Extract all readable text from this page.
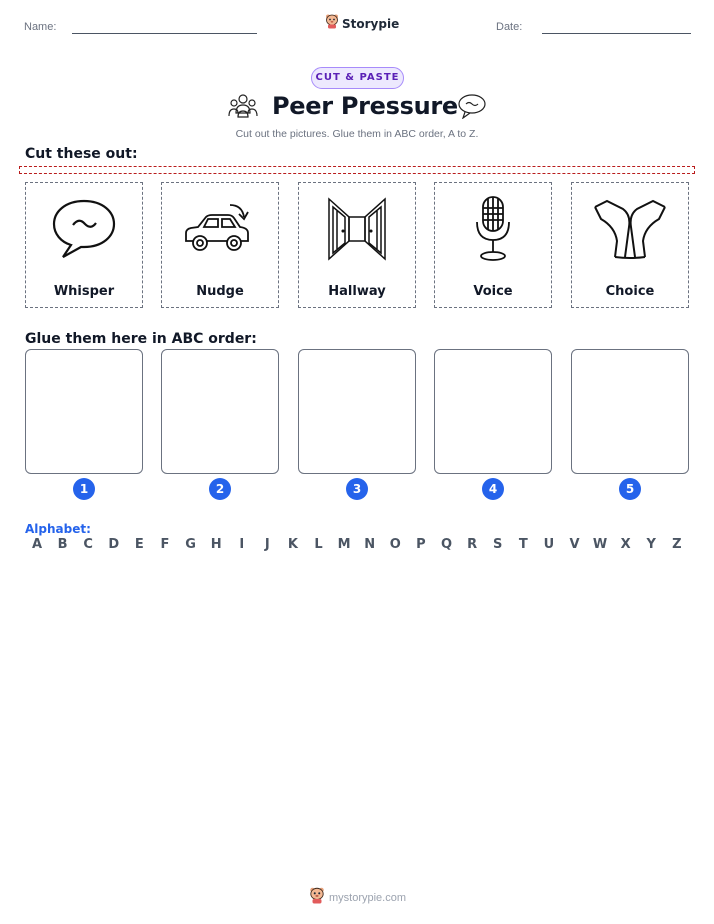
Name:	Date:
Storypie
CUT & PASTE
Peer Pressure
Cut out the pictures. Glue them in ABC order, A to Z.
Cut these out:
Whisper	Nudge	Hallway	Voice	Choice
Glue them here in ABC order:
1	2	3	4	5
Alphabet:
A	B	C	D	E	F	G	H	I	J	K	L	M	N	O	P	Q	R	S	T	U	V	W	X	Y	Z
mystorypie.com
